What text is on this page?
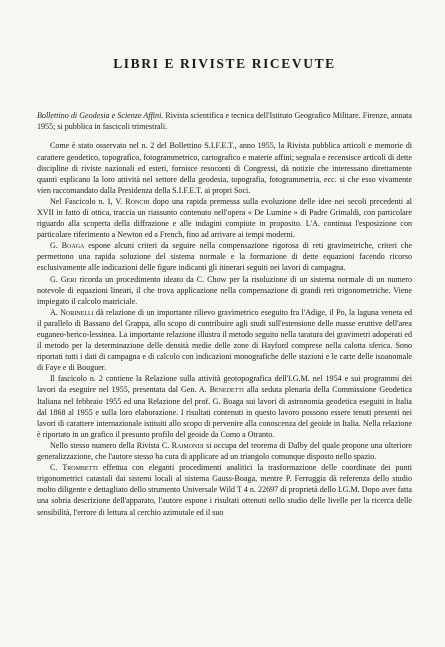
LIBRI E RIVISTE RICEVUTE

Bollettino di Geodesia e Scienze Affini. Rivista scientifica e tecnica dell'Istituto Geografico Militare. Firenze, annata 1955; si pubblica in fascicoli trimestrali.

Come è stato osservato nel n. 2 del Bollettino S.I.F.E.T., anno 1955, la Rivista pubblica articoli e memorie di carattere geodetico, topografico, fotogrammetrico, cartografico e materie affini; segnala e recensisce articoli di dette discipline di riviste nazionali ed esteri, fornisce resoconti di Congressi, dà notizie che interessano direttamente quanti esplicano la loro attività nel settore della geodesia, topografia, fotogrammetria, ecc. si che esso vivamente vien raccomandato dalla Presidenza della S.I.F.E.T. ai propri Soci.

Nel Fascicolo n. I, V. Ronchi dopo una rapida premessa sulla evoluzione delle idee nei secoli precedenti al XVII in fatto di ottica, traccia un riassunto contenuto nell'opera « De Lumine » di Padre Grimaldi, con particolare riguardo alla scoperta della diffrazione e alle indagini compiute in proposito. L'A. continua l'esposizione con particolare riferimento a Newton ed a French, fino ad arrivare ai tempi moderni.

G. Boaga espone alcuni criteri da seguire nella compensazione rigorosa di reti gravimetriche, criteri che permettono una rapida soluzione del sistema normale e la formazione di dette equazioni facendo ricorso esclusivamente alle indicazioni delle figure indicanti gli itinerari seguiti nei lavori di campagna.

G. Geri ricorda un procedimento ideato da C. Chow per la risoluzione di un sistema normale di un numero notevole di equazioni lineari, il che trova applicazione nella compensazione di grandi reti trigonometriche. Viene impiegato il calcolo matriciale.

A. Norinelli dà relazione di un importante rilievo gravimetrico eseguito fra l'Adige, il Po, la laguna veneta ed il parallelo di Bassano del Grappa, allo scopo di contribuire agli studi sull'estensione delle masse eruttive dell'area euganeo-berico-lessinea. La importante relazione illustra il metodo seguito nella taratura dei gravimetri adoperati ed il metodo per la determinazione delle densità medie delle zone di Hayford comprese nella calotta sferica. Sono riportati tutti i dati di campagna e di calcolo con indicazioni monografiche delle stazioni e le carte delle isoanomale di Faye e di Bouguer.

Il fascicolo n. 2 contiene la Relazione sulla attività geotopografica dell'I.G.M. nel 1954 e sui programmi dei lavori da eseguire nel 1955, presentata dal Gen. A. Benedetti alla seduta plenaria della Commissione Geodetica Italiana nel febbraio 1955 ed una Relazione del prof. G. Boaga sui lavori di astronomia geodetica eseguiti in Italia dal 1868 al 1955 e sulla loro elaborazione. I risultati contenuti in questo lavoro possono essere tenuti presenti nei lavori di carattere internazionale istituiti allo scopo di pervenire alla conoscenza del geoide in Italia. Nella relazione è riportato in un grafico il presunto profilo del geoide da Como a Otranto.

Nello stesso numero della Rivista C. Raimondi si occupa del teorema di Dalby del quale propone una ulteriore generalizzazione, che l'autore stesso ha cura di applicare ad un triangolo comunque disposto nello spazio.

C. Trombetti effettua con eleganti procedimenti analitici la trasformazione delle coordinate dei punti trigonometrici catastali dai sistemi locali al sistema Gauss-Boaga, mentre P. Ferruggia dà referenza dello studio molto diligente e dettagliato dello strumento Universale Wild T 4 n. 22697 di proprietà dello I.G.M. Dopo aver fatta una sobria descrizione dell'apparato, l'autore espone i risultati ottenuti nello studio delle livelle per la ricerca delle sensibilità, l'errore di lettura al cerchio azimutale ed il suo
